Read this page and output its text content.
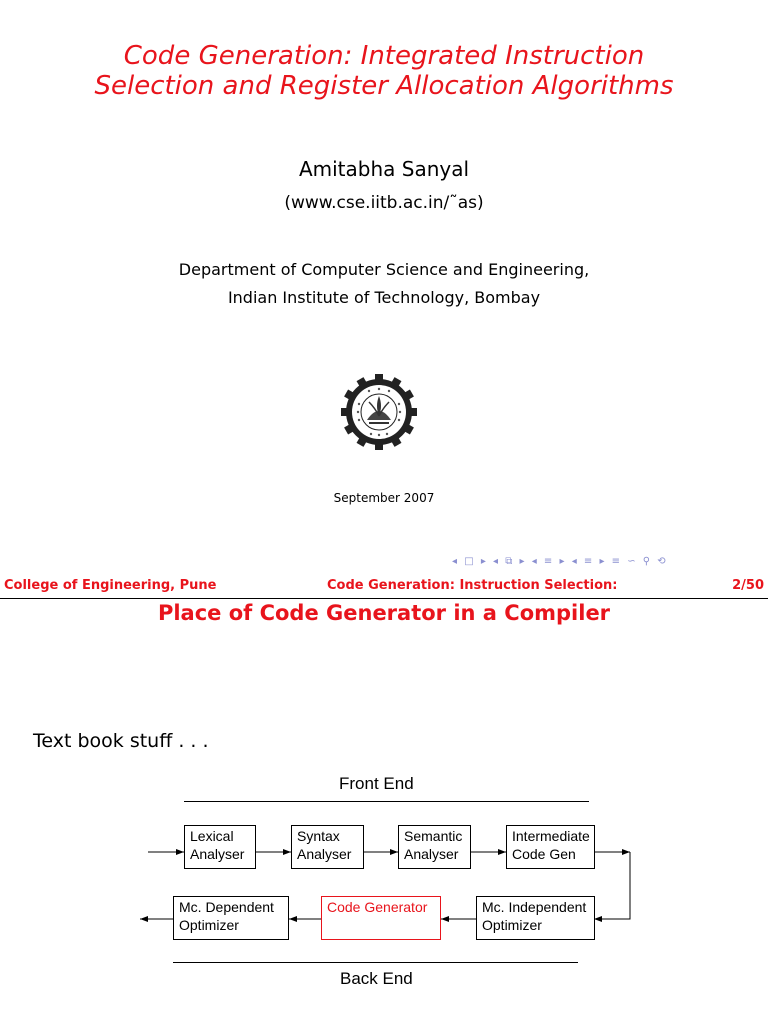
Code Generation: Integrated Instruction
Selection and Register Allocation Algorithms
Amitabha Sanyal
(www.cse.iitb.ac.in/˜as)
Department of Computer Science and Engineering,
Indian Institute of Technology, Bombay
September 2007
◂ □ ▸ ◂ ⧉ ▸ ◂ ≡ ▸ ◂ ≡ ▸ ≡ ∽ ⚲ ⟲
College of Engineering, Pune	Code Generation: Instruction Selection:	2/50
Place of Code Generator in a Compiler
Text book stuff . . .
Front End
Lexical
Analyser
Syntax
Analyser
Semantic
Analyser
Intermediate
Code Gen
Mc. Independent
Optimizer
Code Generator
Mc. Dependent
Optimizer
Back End
